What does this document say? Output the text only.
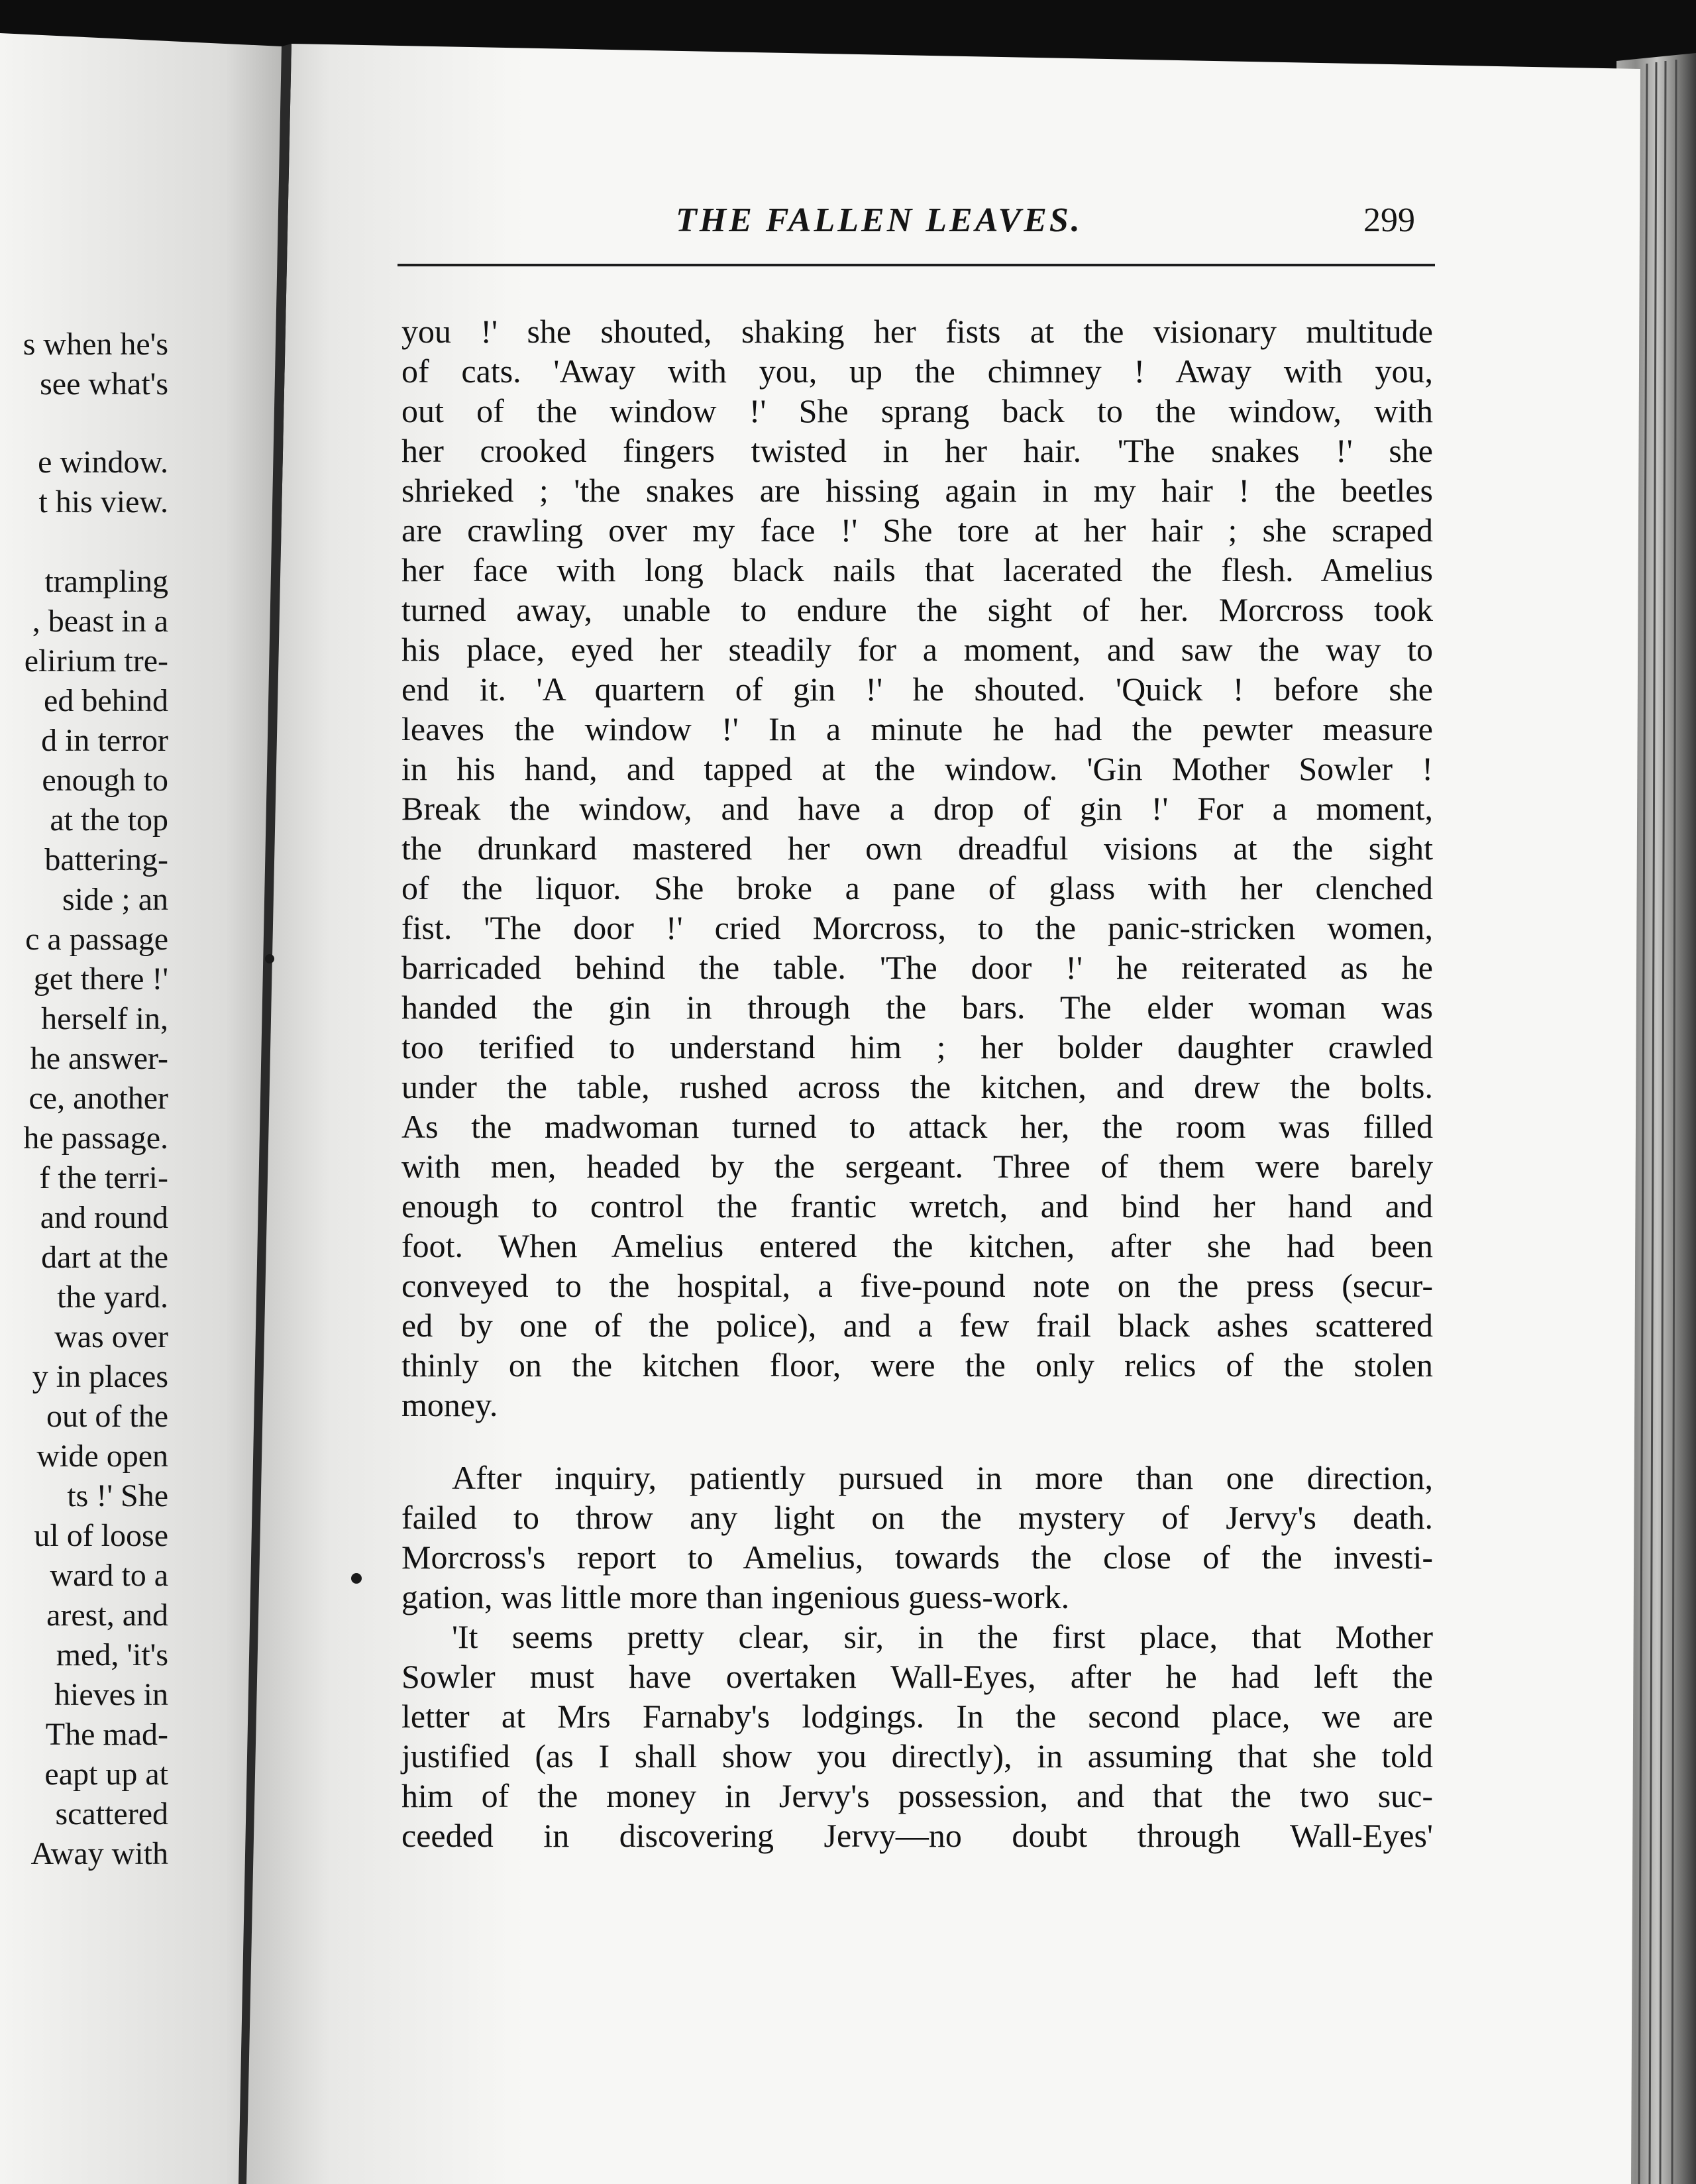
s when he's
see what's
e window.
t his view.
trampling
, beast in a
elirium tre-
ed behind
d in terror
enough to
at the top
battering-
side ; an
c a passage
get there !'
herself in,
he answer-
ce, another
he passage.
f the terri-
and round
dart at the
the yard.
was over
y in places
out of the
wide open
ts !' She
ul of loose
ward to a
arest, and
med, 'it's
hieves in
The mad-
eapt up at
scattered
Away with
THE FALLEN LEAVES.	299
you !' she shouted, shaking her fists at the visionary multitude
of cats. 'Away with you, up the chimney ! Away with you,
out of the window !' She sprang back to the window, with
her crooked fingers twisted in her hair. 'The snakes !' she
shrieked ; 'the snakes are hissing again in my hair ! the beetles
are crawling over my face !' She tore at her hair ; she scraped
her face with long black nails that lacerated the flesh. Amelius
turned away, unable to endure the sight of her. Morcross took
his place, eyed her steadily for a moment, and saw the way to
end it. 'A quartern of gin !' he shouted. 'Quick ! before she
leaves the window !' In a minute he had the pewter measure
in his hand, and tapped at the window. 'Gin Mother Sowler !
Break the window, and have a drop of gin !' For a moment,
the drunkard mastered her own dreadful visions at the sight
of the liquor. She broke a pane of glass with her clenched
fist. 'The door !' cried Morcross, to the panic-stricken women,
barricaded behind the table. 'The door !' he reiterated as he
handed the gin in through the bars. The elder woman was
too terified to understand him ; her bolder daughter crawled
under the table, rushed across the kitchen, and drew the bolts.
As the madwoman turned to attack her, the room was filled
with men, headed by the sergeant. Three of them were barely
enough to control the frantic wretch, and bind her hand and
foot. When Amelius entered the kitchen, after she had been
conveyed to the hospital, a five-pound note on the press (secur-
ed by one of the police), and a few frail black ashes scattered
thinly on the kitchen floor, were the only relics of the stolen
money.
After inquiry, patiently pursued in more than one direction,
failed to throw any light on the mystery of Jervy's death.
Morcross's report to Amelius, towards the close of the investi-
gation, was little more than ingenious guess-work.
'It seems pretty clear, sir, in the first place, that Mother
Sowler must have overtaken Wall-Eyes, after he had left the
letter at Mrs Farnaby's lodgings. In the second place, we are
justified (as I shall show you directly), in assuming that she told
him of the money in Jervy's possession, and that the two suc-
ceeded in discovering Jervy—no doubt through Wall-Eyes'
